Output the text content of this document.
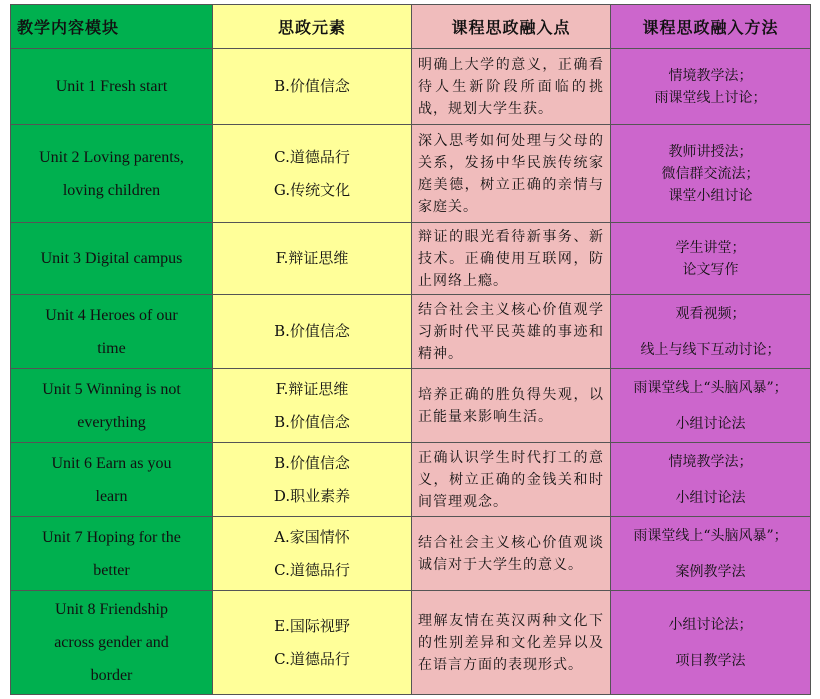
教学内容模块	思政元素	课程思政融入点	课程思政融入方法

Unit 1 Fresh start	B.价值信念	明确上大学的意义，正确看待人生新阶段所面临的挑战，规划大学生获。	情境教学法；
雨课堂线上讨论；

Unit 2 Loving parents,
loving children	C.道德品行
G.传统文化	深入思考如何处理与父母的关系，发扬中华民族传统家庭美德，树立正确的亲情与家庭关。	教师讲授法；
微信群交流法；
课堂小组讨论

Unit 3 Digital campus	F.辩证思维	辩证的眼光看待新事务、新技术。正确使用互联网，防止网络上瘾。	学生讲堂；
论文写作

Unit 4 Heroes of our
time	B.价值信念	结合社会主义核心价值观学习新时代平民英雄的事迹和精神。	观看视频；
线上与线下互动讨论；

Unit 5 Winning is not
everything	F.辩证思维
B.价值信念	培养正确的胜负得失观，以正能量来影响生活。	雨课堂线上“头脑风暴”；
小组讨论法

Unit 6 Earn as you
learn	B.价值信念
D.职业素养	正确认识学生时代打工的意义，树立正确的金钱关和时间管理观念。	情境教学法；
小组讨论法

Unit 7 Hoping for the
better	A.家国情怀
C.道德品行	结合社会主义核心价值观谈诚信对于大学生的意义。	雨课堂线上“头脑风暴”；
案例教学法

Unit 8 Friendship
across gender and
border	E.国际视野
C.道德品行	理解友情在英汉两种文化下的性别差异和文化差异以及在语言方面的表现形式。	小组讨论法；
项目教学法
